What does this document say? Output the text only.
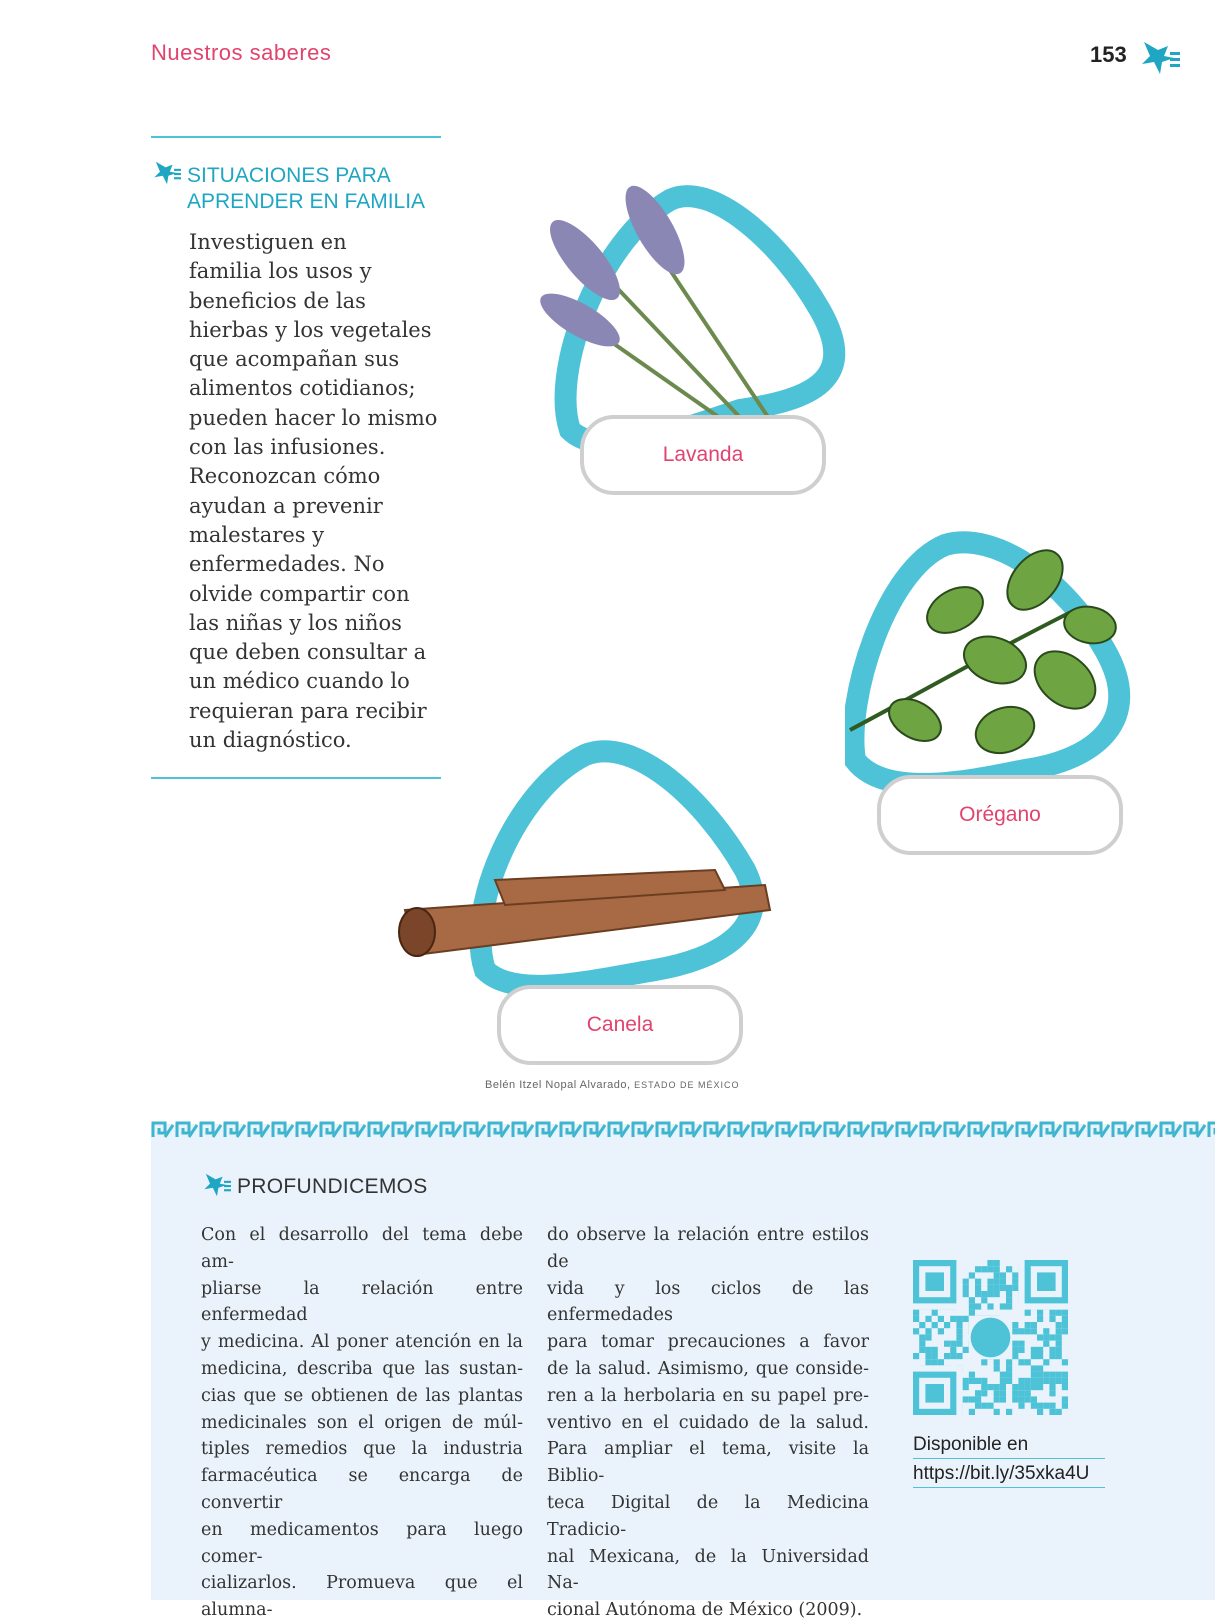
Nuestros saberes	153
SITUACIONES PARA
APRENDER EN FAMILIA
Investiguen en
familia los usos y
beneficios de las
hierbas y los vegetales
que acompañan sus
alimentos cotidianos;
pueden hacer lo mismo
con las infusiones.
Reconozcan cómo
ayudan a prevenir
malestares y
enfermedades. No
olvide compartir con
las niñas y los niños
que deben consultar a
un médico cuando lo
requieran para recibir
un diagnóstico.
Lavanda
Orégano
Canela
Belén Itzel Nopal Alvarado, ESTADO DE MÉXICO
PROFUNDICEMOS
Con el desarrollo del tema debe am-
pliarse la relación entre enfermedad
y medicina. Al poner atención en la
medicina, describa que las sustan-
cias que se obtienen de las plantas
medicinales son el origen de múl-
tiples remedios que la industria
farmacéutica se encarga de convertir
en medicamentos para luego comer-
cializarlos. Promueva que el alumna-
do observe la relación entre estilos de
vida y los ciclos de las enfermedades
para tomar precauciones a favor
de la salud. Asimismo, que conside-
ren a la herbolaria en su papel pre-
ventivo en el cuidado de la salud.
Para ampliar el tema, visite la Biblio-
teca Digital de la Medicina Tradicio-
nal Mexicana, de la Universidad Na-
cional Autónoma de México (2009).
Disponible en
https://bit.ly/35xka4U
